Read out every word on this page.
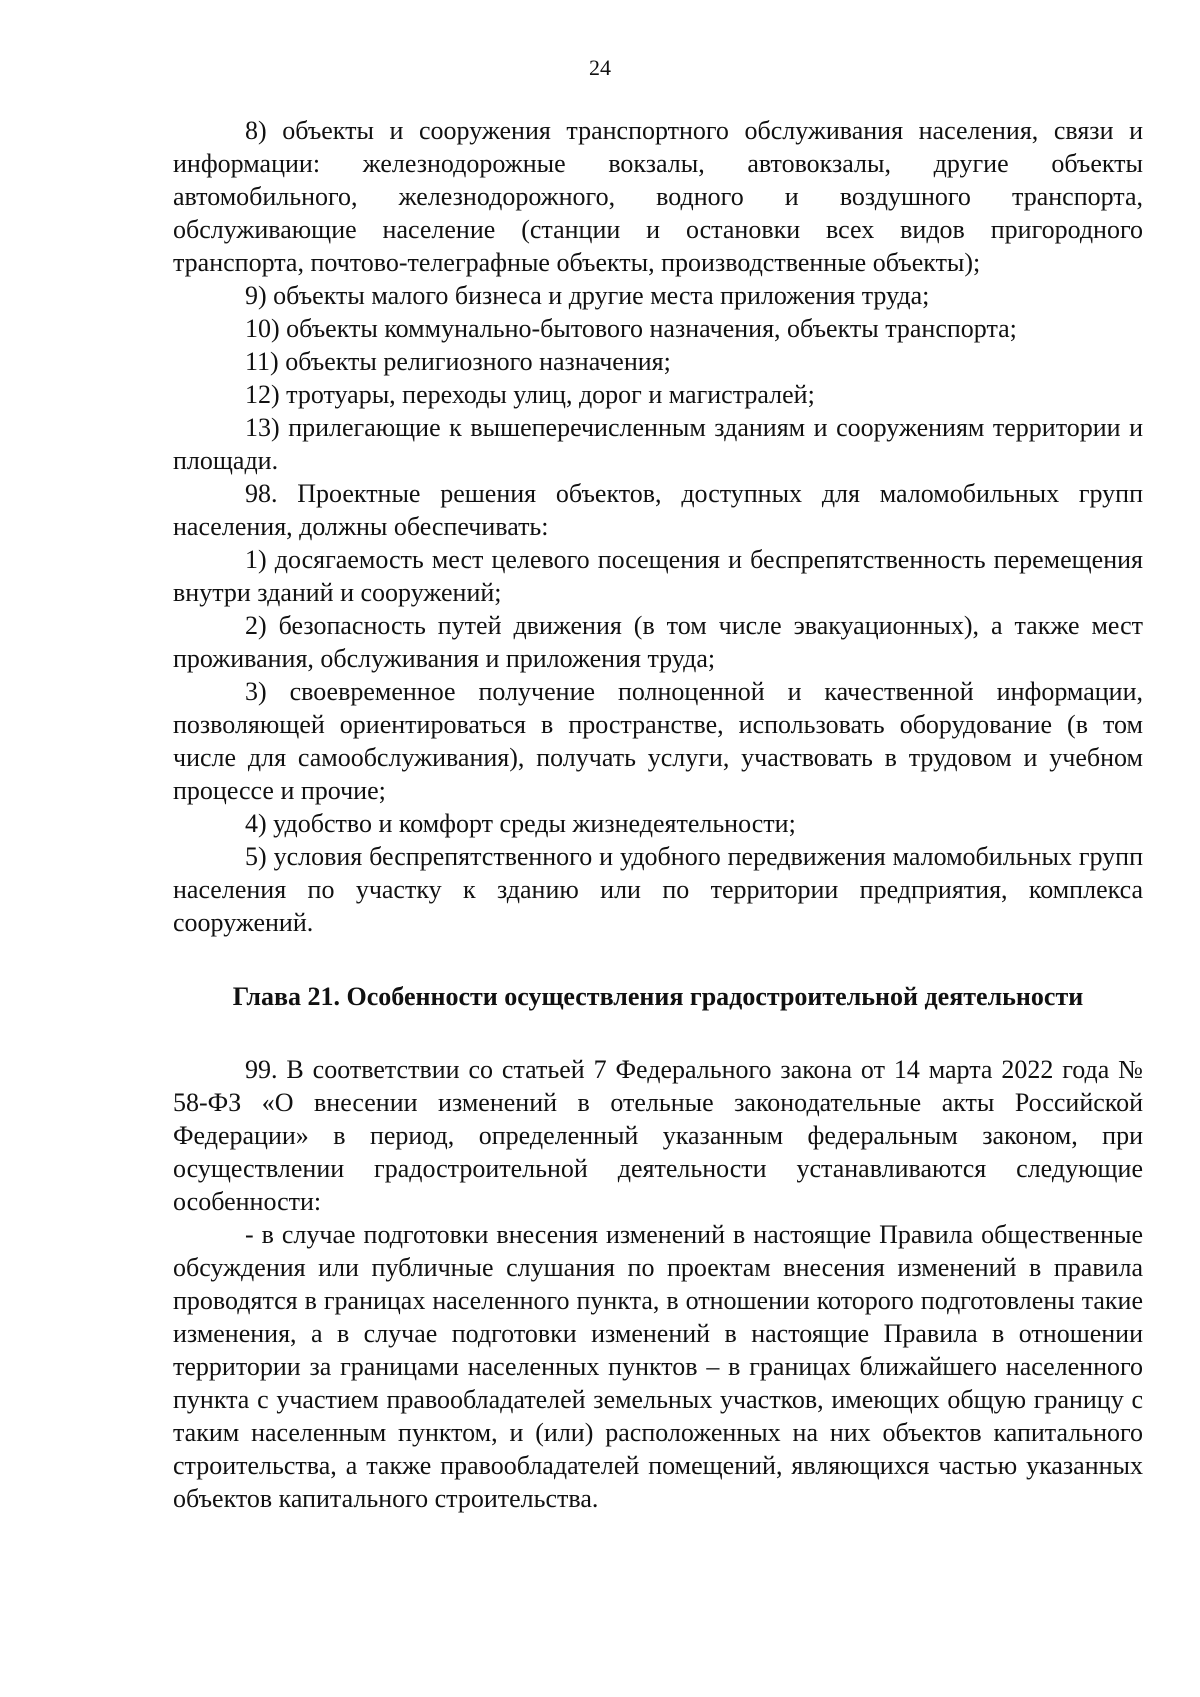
24

8) объекты и сооружения транспортного обслуживания населения, связи и информации: железнодорожные вокзалы, автовокзалы, другие объекты автомобильного, железнодорожного, водного и воздушного транспорта, обслуживающие население (станции и остановки всех видов пригородного транспорта, почтово-телеграфные объекты, производственные объекты);

9) объекты малого бизнеса и другие места приложения труда;

10) объекты коммунально-бытового назначения, объекты транспорта;

11) объекты религиозного назначения;

12) тротуары, переходы улиц, дорог и магистралей;

13) прилегающие к вышеперечисленным зданиям и сооружениям территории и площади.

98. Проектные решения объектов, доступных для маломобильных групп населения, должны обеспечивать:

1) досягаемость мест целевого посещения и беспрепятственность перемещения внутри зданий и сооружений;

2) безопасность путей движения (в том числе эвакуационных), а также мест проживания, обслуживания и приложения труда;

3) своевременное получение полноценной и качественной информации, позволяющей ориентироваться в пространстве, использовать оборудование (в том числе для самообслуживания), получать услуги, участвовать в трудовом и учебном процессе и прочие;

4) удобство и комфорт среды жизнедеятельности;

5) условия беспрепятственного и удобного передвижения маломобильных групп населения по участку к зданию или по территории предприятия, комплекса сооружений.

Глава 21. Особенности осуществления градостроительной деятельности

99. В соответствии со статьей 7 Федерального закона от 14 марта 2022 года № 58-ФЗ «О внесении изменений в отельные законодательные акты Российской Федерации» в период, определенный указанным федеральным законом, при осуществлении градостроительной деятельности устанавливаются следующие особенности:

- в случае подготовки внесения изменений в настоящие Правила общественные обсуждения или публичные слушания по проектам внесения изменений в правила проводятся в границах населенного пункта, в отношении которого подготовлены такие изменения, а в случае подготовки изменений в настоящие Правила в отношении территории за границами населенных пунктов – в границах ближайшего населенного пункта с участием правообладателей земельных участков, имеющих общую границу с таким населенным пунктом, и (или) расположенных на них объектов капитального строительства, а также правообладателей помещений, являющихся частью указанных объектов капитального строительства.
